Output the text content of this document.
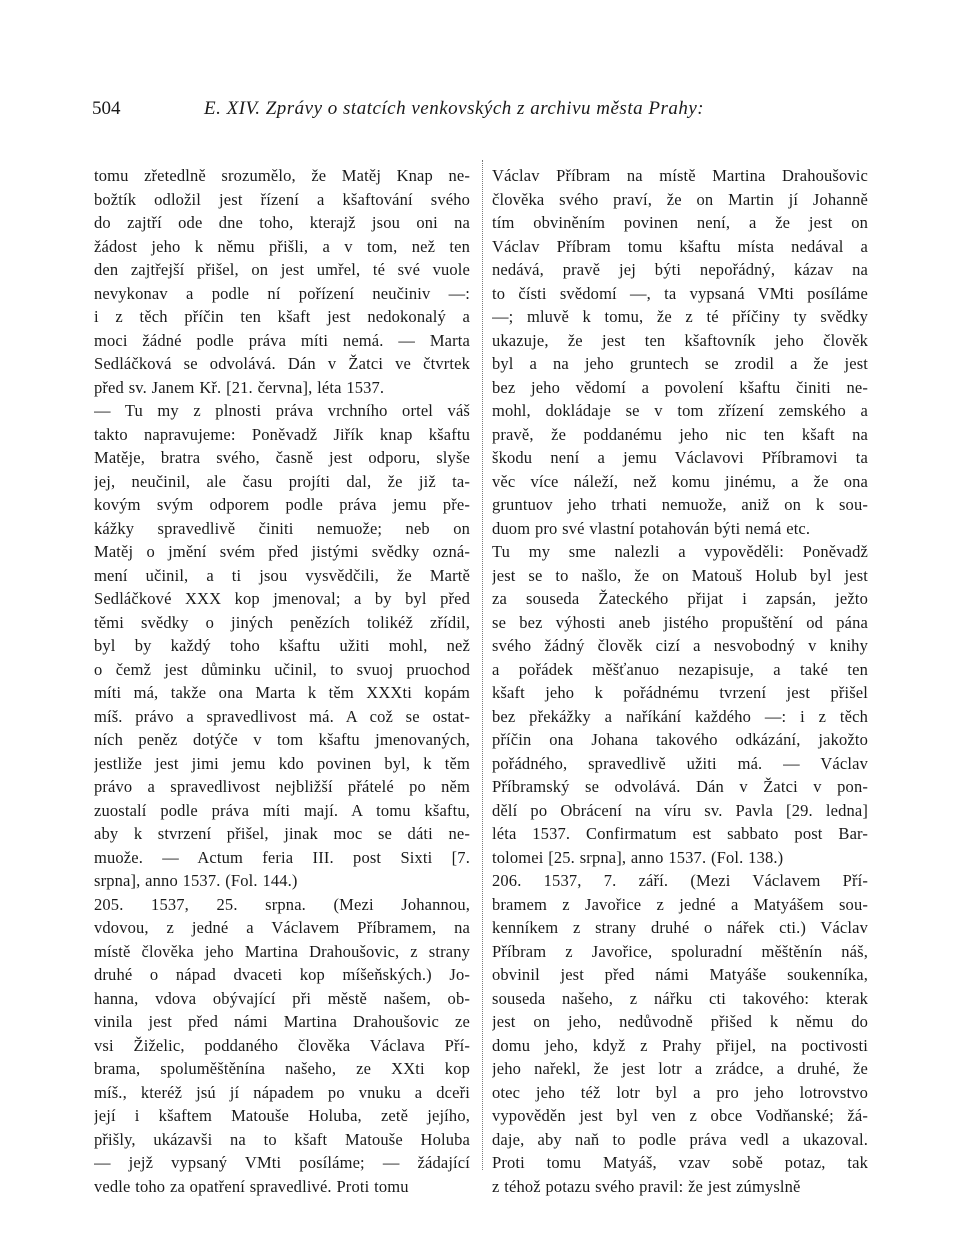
504	E. XIV. Zprávy o statcích venkovských z archivu města Prahy:
tomu zřetedlně srozumělo, že Matěj Knap ne-
božtík odložil jest řízení a kšaftování svého
do zajtří ode dne toho, kterajž jsou oni na
žádost jeho k němu přišli, a v tom, než ten
den zajtřejší přišel, on jest umřel, té své vuole
nevykonav a podle ní pořízení neučiniv —:
i z těch příčin ten kšaft jest nedokonalý a
moci žádné podle práva míti nemá. — Marta
Sedláčková se odvolává. Dán v Žatci ve čtvrtek
před sv. Janem Kř. [21. června], léta 1537.
— Tu my z plnosti práva vrchního ortel váš
takto napravujeme: Poněvadž Jiřík knap kšaftu
Matěje, bratra svého, časně jest odporu, slyše
jej, neučinil, ale času projíti dal, že již ta-
kovým svým odporem podle práva jemu pře-
kážky spravedlivě činiti nemuože; neb on
Matěj o jmění svém před jistými svědky ozná-
mení učinil, a ti jsou vysvědčili, že Martě
Sedláčkové XXX kop jmenoval; a by byl před
těmi svědky o jiných penězích tolikéž zřídil,
byl by každý toho kšaftu užiti mohl, než
o čemž jest důminku učinil, to svuoj pruochod
míti má, takže ona Marta k těm XXXti kopám
míš. právo a spravedlivost má. A což se ostat-
ních peněz dotýče v tom kšaftu jmenovaných,
jestliže jest jimi jemu kdo povinen byl, k těm
právo a spravedlivost nejbližší přátelé po něm
zuostalí podle práva míti mají. A tomu kšaftu,
aby k stvrzení přišel, jinak moc se dáti ne-
muože. — Actum feria III. post Sixti [7.
srpna], anno 1537. (Fol. 144.)
205. 1537, 25. srpna. (Mezi Johannou,
vdovou, z jedné a Václavem Příbramem, na
místě člověka jeho Martina Drahoušovic, z strany
druhé o nápad dvaceti kop míšeňských.) Jo-
hanna, vdova obývající při městě našem, ob-
vinila jest před námi Martina Drahoušovic ze
vsi Žiželic, poddaného člověka Václava Pří-
brama, spoluměštěnína našeho, ze XXti kop
míš., kteréž jsú jí nápadem po vnuku a dceři
její i kšaftem Matouše Holuba, zetě jejího,
přišly, ukázavši na to kšaft Matouše Holuba
— jejž vypsaný VMti posíláme; — žádající
vedle toho za opatření spravedlivé. Proti tomu
Václav Příbram na místě Martina Drahoušovic
člověka svého praví, že on Martin jí Johanně
tím obviněním povinen není, a že jest on
Václav Příbram tomu kšaftu místa nedával a
nedává, pravě jej býti nepořádný, kázav na
to čísti svědomí —, ta vypsaná VMti posíláme
—; mluvě k tomu, že z té příčiny ty svědky
ukazuje, že jest ten kšaftovník jeho člověk
byl a na jeho gruntech se zrodil a že jest
bez jeho vědomí a povolení kšaftu činiti ne-
mohl, dokládaje se v tom zřízení zemského a
pravě, že poddanému jeho nic ten kšaft na
škodu není a jemu Václavovi Příbramovi ta
věc více náleží, než komu jinému, a že ona
gruntuov jeho trhati nemuože, aniž on k sou-
duom pro své vlastní potahován býti nemá etc.
Tu my sme nalezli a vypověděli: Poněvadž
jest se to našlo, že on Matouš Holub byl jest
za souseda Žateckého přijat i zapsán, ježto
se bez výhosti aneb jistého propuštění od pána
svého žádný člověk cizí a nesvobodný v knihy
a pořádek měšťanuo nezapisuje, a také ten
kšaft jeho k pořádnému tvrzení jest přišel
bez překážky a naříkání každého —: i z těch
příčin ona Johana takového odkázání, jakožto
pořádného, spravedlivě užiti má. — Václav
Příbramský se odvolává. Dán v Žatci v pon-
dělí po Obrácení na víru sv. Pavla [29. ledna]
léta 1537. Confirmatum est sabbato post Bar-
tolomei [25. srpna], anno 1537. (Fol. 138.)
206. 1537, 7. září. (Mezi Václavem Pří-
bramem z Javořice z jedné a Matyášem sou-
kenníkem z strany druhé o nářek cti.) Václav
Příbram z Javořice, spoluradní měštěnín náš,
obvinil jest před námi Matyáše soukenníka,
souseda našeho, z nářku cti takového: kterak
jest on jeho, nedůvodně přišed k němu do
domu jeho, když z Prahy přijel, na poctivosti
jeho nařekl, že jest lotr a zrádce, a druhé, že
otec jeho též lotr byl a pro jeho lotrovstvo
vypověděn jest byl ven z obce Vodňanské; žá-
daje, aby naň to podle práva vedl a ukazoval.
Proti tomu Matyáš, vzav sobě potaz, tak
z téhož potazu svého pravil: že jest zúmyslně
